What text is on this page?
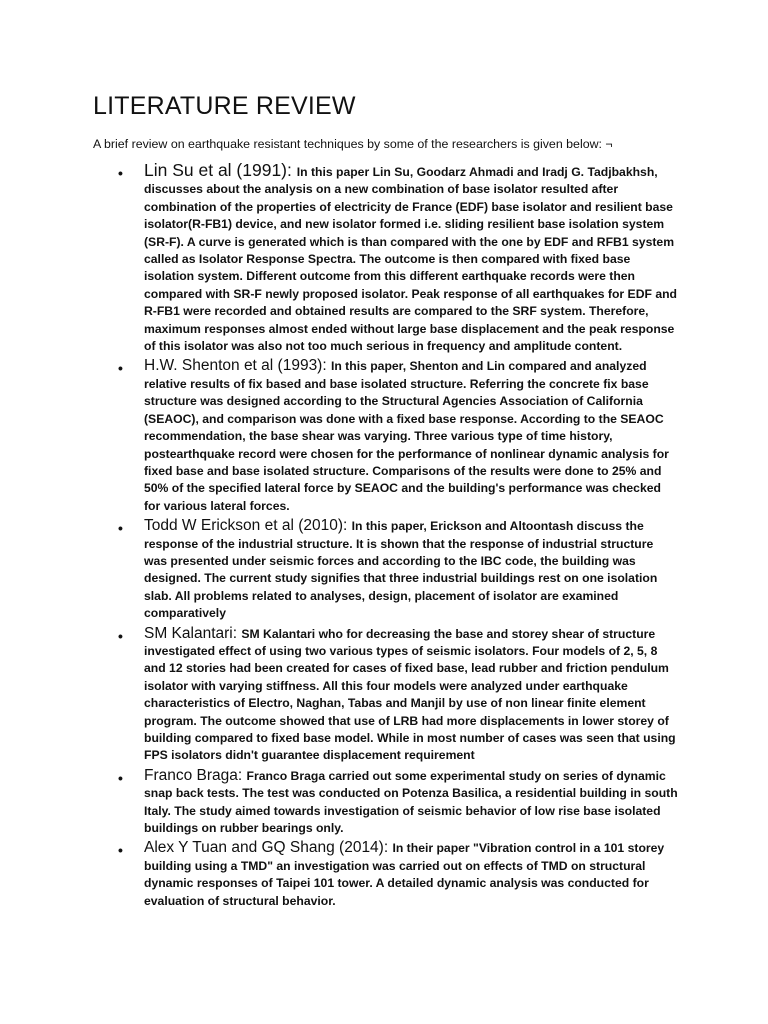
LITERATURE REVIEW

A brief review on earthquake resistant techniques by some of the researchers is given below: ¬

• Lin Su et al (1991): In this paper Lin Su, Goodarz Ahmadi and Iradj G. Tadjbakhsh, discusses about the analysis on a new combination of base isolator resulted after combination of the properties of electricity de France (EDF) base isolator and resilient base isolator(R-FB1) device, and new isolator formed i.e. sliding resilient base isolation system (SR-F). A curve is generated which is than compared with the one by EDF and RFB1 system called as Isolator Response Spectra. The outcome is then compared with fixed base isolation system. Different outcome from this different earthquake records were then compared with SR-F newly proposed isolator. Peak response of all earthquakes for EDF and R-FB1 were recorded and obtained results are compared to the SRF system. Therefore, maximum responses almost ended without large base displacement and the peak response of this isolator was also not too much serious in frequency and amplitude content.
• H.W. Shenton et al (1993): In this paper, Shenton and Lin compared and analyzed relative results of fix based and base isolated structure. Referring the concrete fix base structure was designed according to the Structural Agencies Association of California (SEAOC), and comparison was done with a fixed base response. According to the SEAOC recommendation, the base shear was varying. Three various type of time history, postearthquake record were chosen for the performance of nonlinear dynamic analysis for fixed base and base isolated structure. Comparisons of the results were done to 25% and 50% of the specified lateral force by SEAOC and the building's performance was checked for various lateral forces.
• Todd W Erickson et al (2010): In this paper, Erickson and Altoontash discuss the response of the industrial structure. It is shown that the response of industrial structure was presented under seismic forces and according to the IBC code, the building was designed. The current study signifies that three industrial buildings rest on one isolation slab. All problems related to analyses, design, placement of isolator are examined comparatively
• SM Kalantari: SM Kalantari who for decreasing the base and storey shear of structure investigated effect of using two various types of seismic isolators. Four models of 2, 5, 8 and 12 stories had been created for cases of fixed base, lead rubber and friction pendulum isolator with varying stiffness. All this four models were analyzed under earthquake characteristics of Electro, Naghan, Tabas and Manjil by use of non linear finite element program. The outcome showed that use of LRB had more displacements in lower storey of building compared to fixed base model. While in most number of cases was seen that using FPS isolators didn't guarantee displacement requirement
• Franco Braga: Franco Braga carried out some experimental study on series of dynamic snap back tests. The test was conducted on Potenza Basilica, a residential building in south Italy. The study aimed towards investigation of seismic behavior of low rise base isolated buildings on rubber bearings only.
• Alex Y Tuan and GQ Shang (2014): In their paper "Vibration control in a 101 storey building using a TMD" an investigation was carried out on effects of TMD on structural dynamic responses of Taipei 101 tower. A detailed dynamic analysis was conducted for evaluation of structural behavior.
